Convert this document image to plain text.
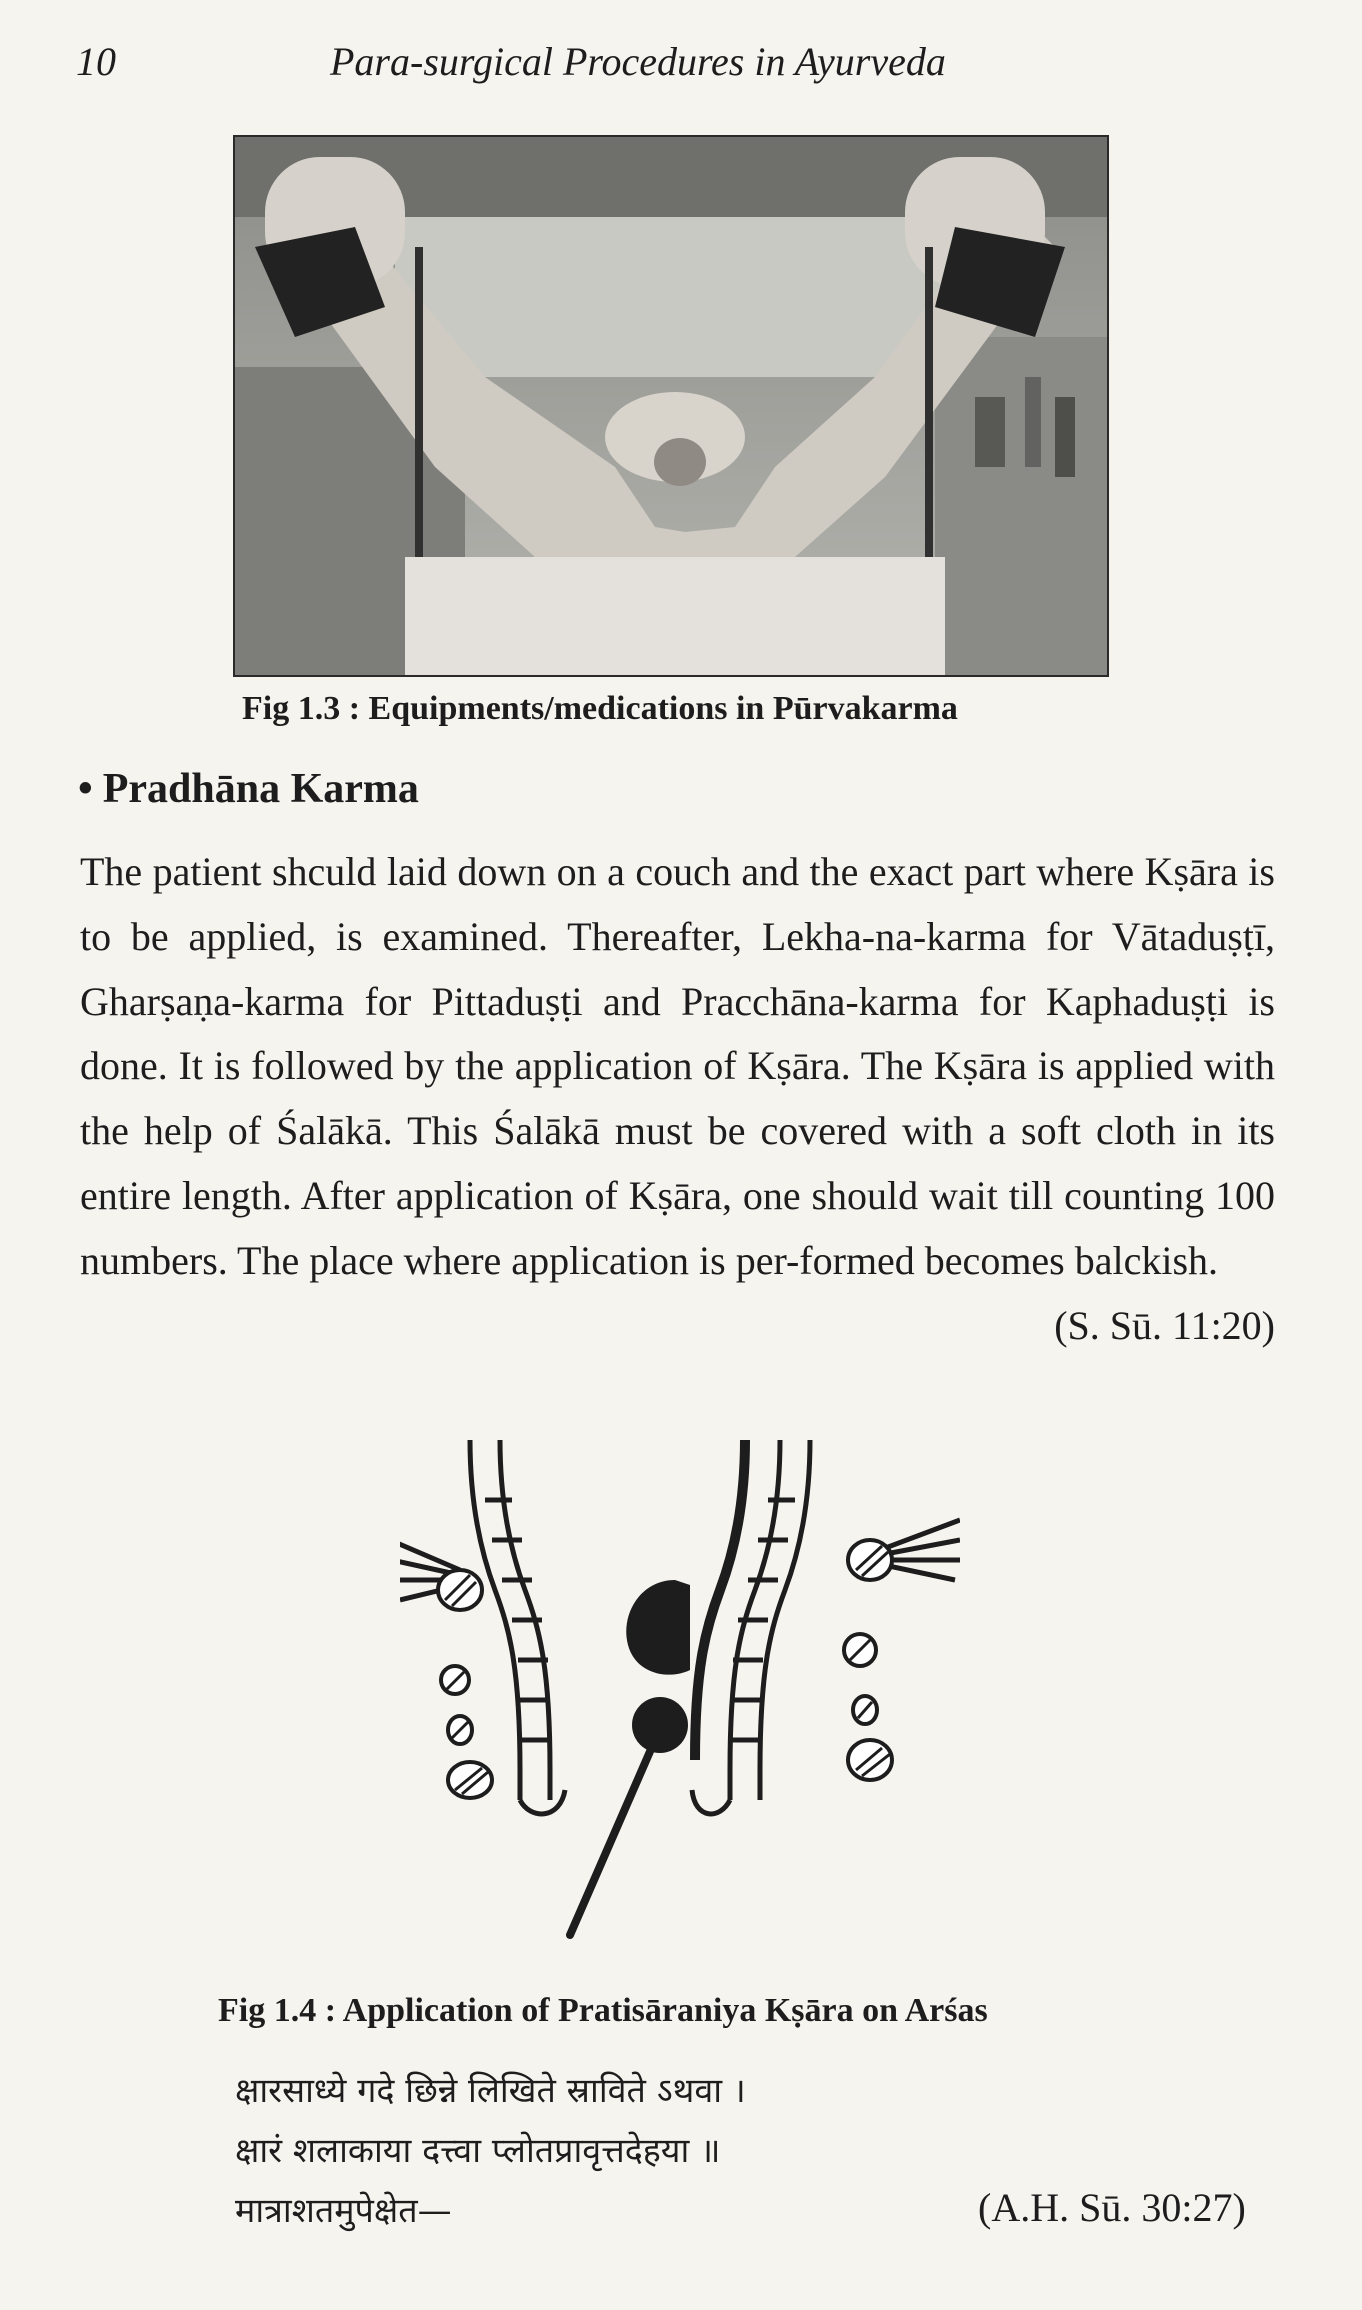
10	Para-surgical Procedures in Ayurveda
Fig 1.3 : Equipments/medications in Pūrvakarma
• Pradhāna Karma
The patient shculd laid down on a couch and the exact part where Kṣāra is to be applied, is examined. Thereafter, Lekha-na-karma for Vātaduṣṭī, Gharṣaṇa-karma for Pittaduṣṭi and Pracchāna-karma for Kaphaduṣṭi is done. It is followed by the application of Kṣāra. The Kṣāra is applied with the help of Śalākā. This Śalākā must be covered with a soft cloth in its entire length. After application of Kṣāra, one should wait till counting 100 numbers. The place where application is per-formed becomes balckish.
(S. Sū. 11:20)
Fig 1.4 : Application of Pratisāraniya Kṣāra on Arśas
क्षारसाध्ये गदे छिन्ने लिखिते स्राविते ऽथवा ।
क्षारं शलाकाया दत्त्वा प्लोतप्रावृत्तदेहया ॥
मात्राशतमुपेक्षेत—	(A.H. Sū. 30:27)
